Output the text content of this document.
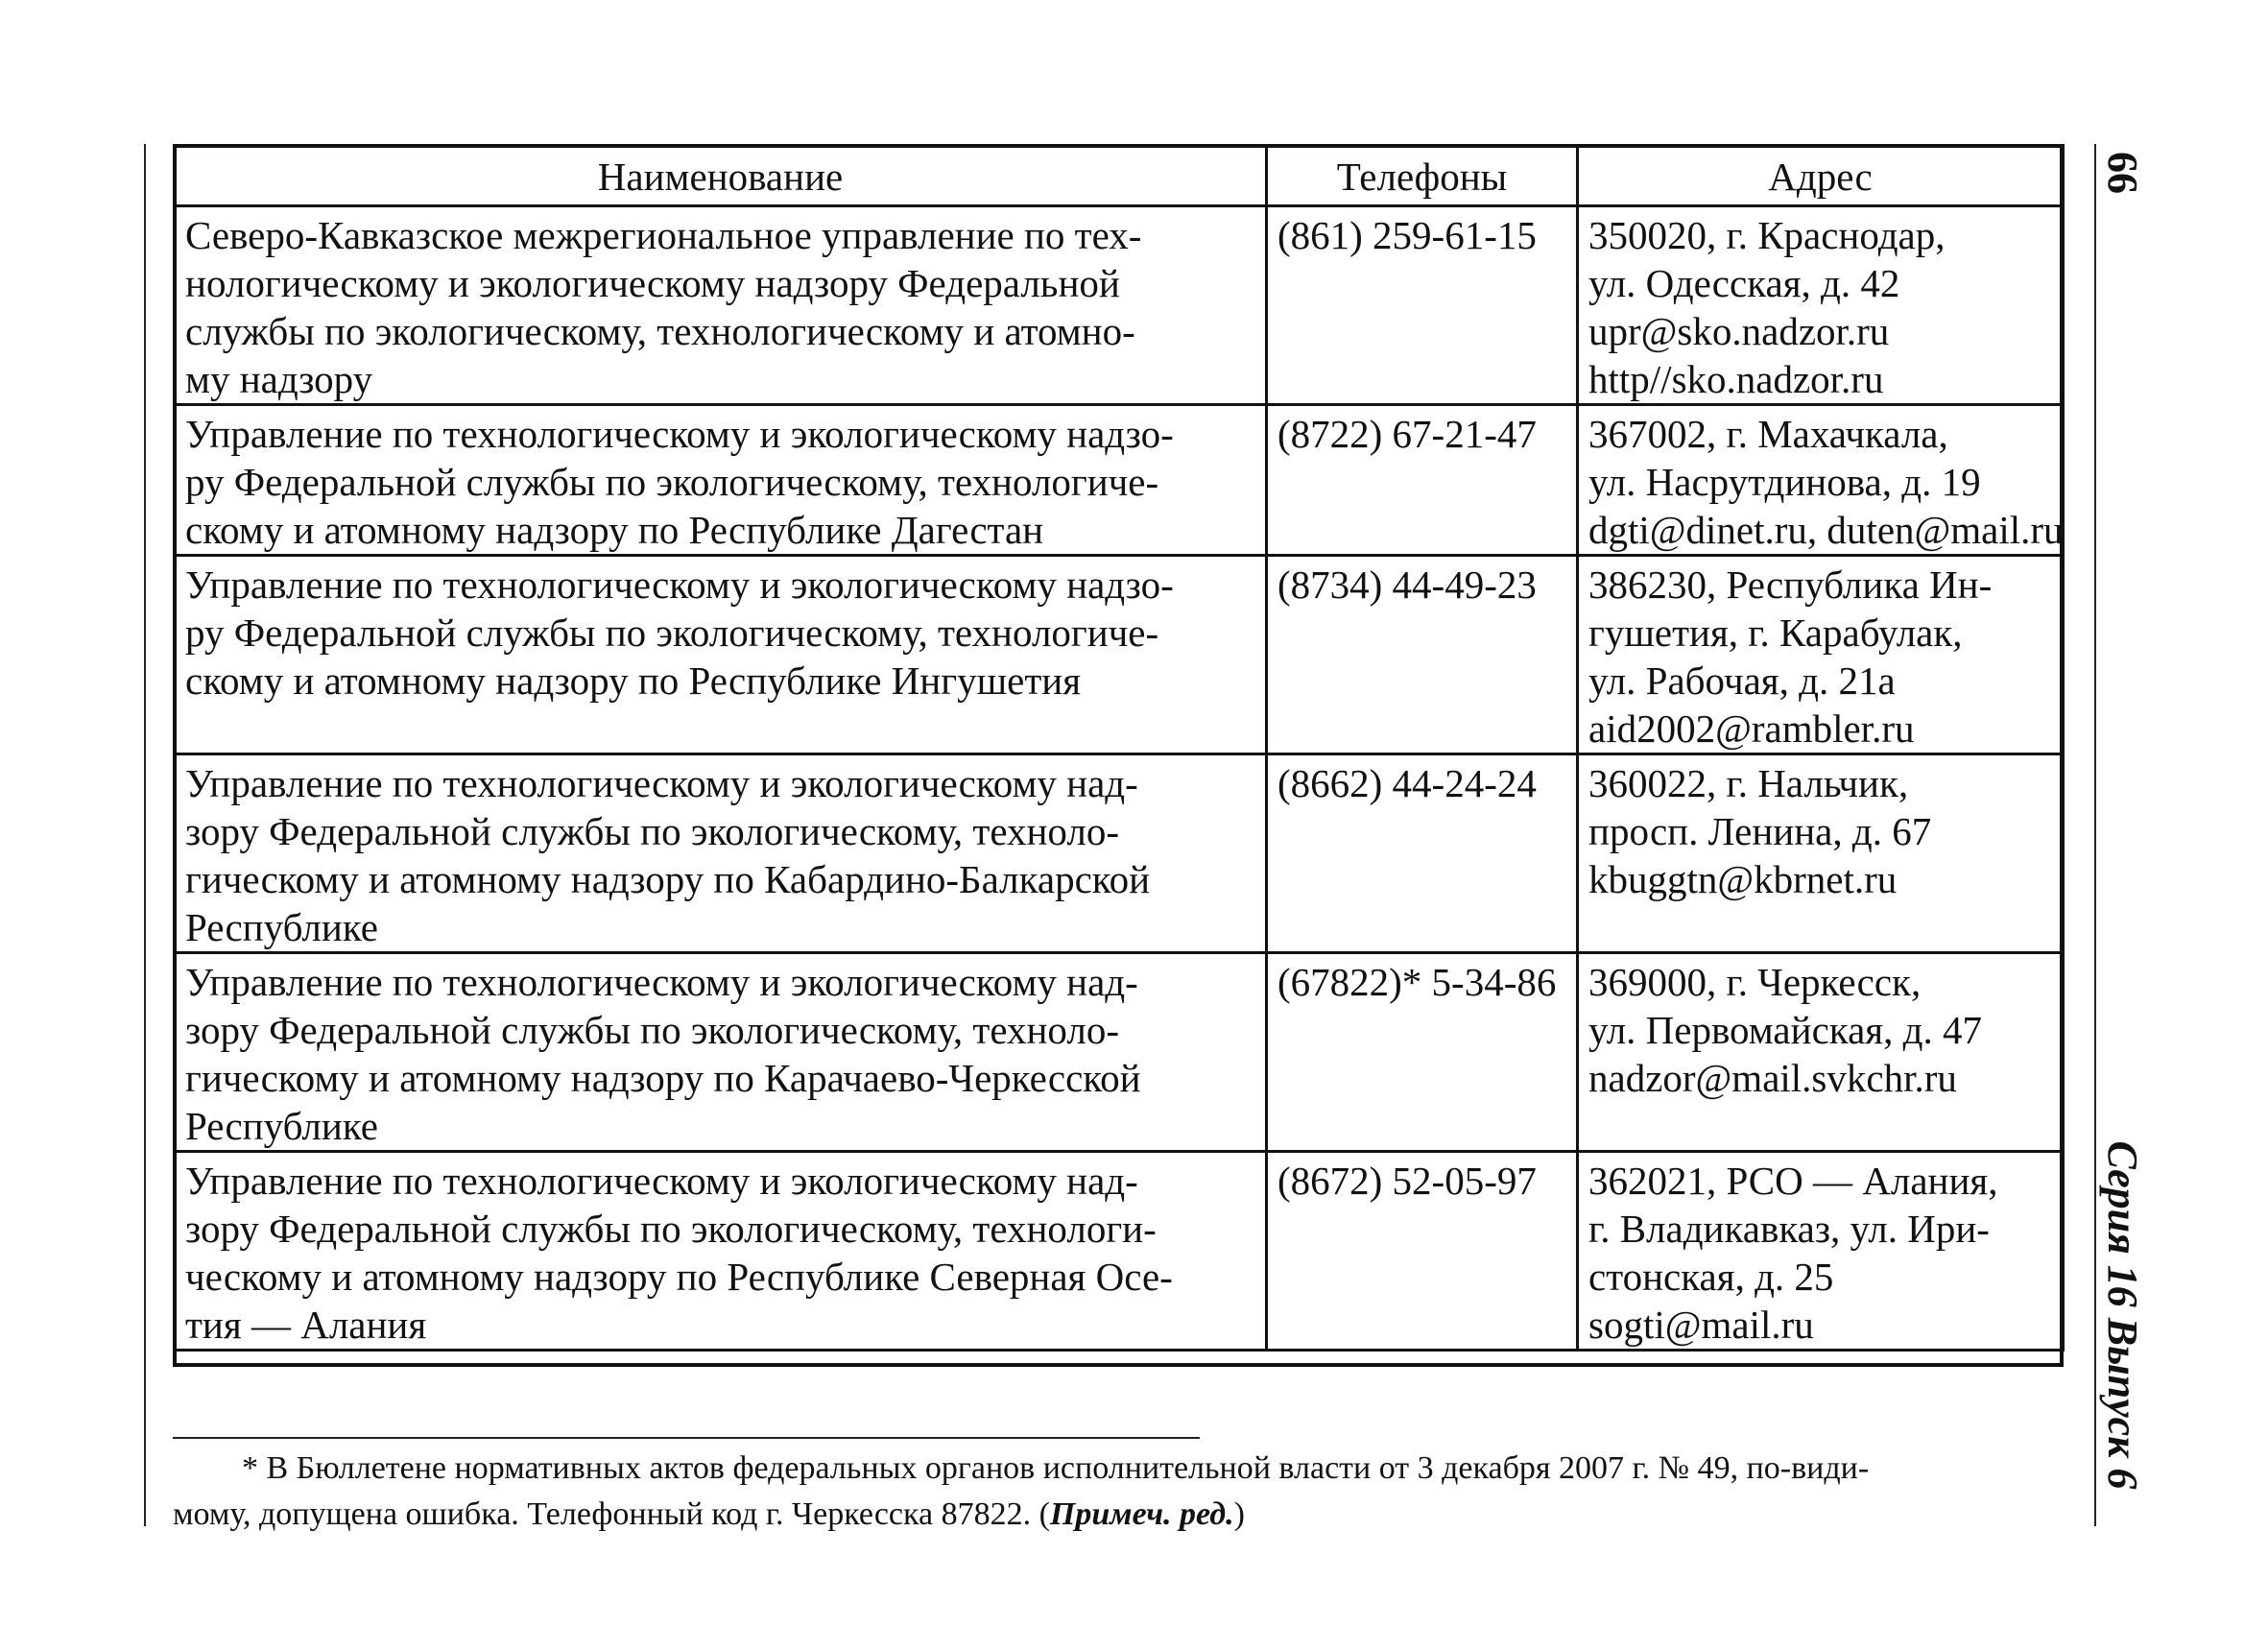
66
Серия 16 Выпуск 6
Наименование	Телефоны	Адрес

Северо-Кавказское межрегиональное управление по тех-
нологическому и экологическому надзору Федеральной
службы по экологическому, технологическому и атомно-
му надзору	(861) 259-61-15	350020, г. Краснодар,
ул. Одесская, д. 42
upr@sko.nadzor.ru
http//sko.nadzor.ru

Управление по технологическому и экологическому надзо-
ру Федеральной службы по экологическому, технологиче-
скому и атомному надзору по Республике Дагестан	(8722) 67-21-47	367002, г. Махачкала,
ул. Насрутдинова, д. 19
dgti@dinet.ru, duten@mail.ru

Управление по технологическому и экологическому надзо-
ру Федеральной службы по экологическому, технологиче-
скому и атомному надзору по Республике Ингушетия	(8734) 44-49-23	386230, Республика Ин-
гушетия, г. Карабулак,
ул. Рабочая, д. 21а
aid2002@rambler.ru

Управление по технологическому и экологическому над-
зору Федеральной службы по экологическому, техноло-
гическому и атомному надзору по Кабардино-Балкарской
Республике	(8662) 44-24-24	360022, г. Нальчик,
просп. Ленина, д. 67
kbuggtn@kbrnet.ru

Управление по технологическому и экологическому над-
зору Федеральной службы по экологическому, техноло-
гическому и атомному надзору по Карачаево-Черкесской
Республике	(67822)* 5-34-86	369000, г. Черкесск,
ул. Первомайская, д. 47
nadzor@mail.svkchr.ru

Управление по технологическому и экологическому над-
зору Федеральной службы по экологическому, технологи-
ческому и атомному надзору по Республике Северная Осе-
тия — Алания	(8672) 52-05-97	362021, РСО — Алания,
г. Владикавказ, ул. Ири-
стонская, д. 25
sogti@mail.ru
* В Бюллетене нормативных актов федеральных органов исполнительной власти от 3 декабря 2007 г. № 49, по-види-
мому, допущена ошибка. Телефонный код г. Черкесска 87822. (Примеч. ред.)
